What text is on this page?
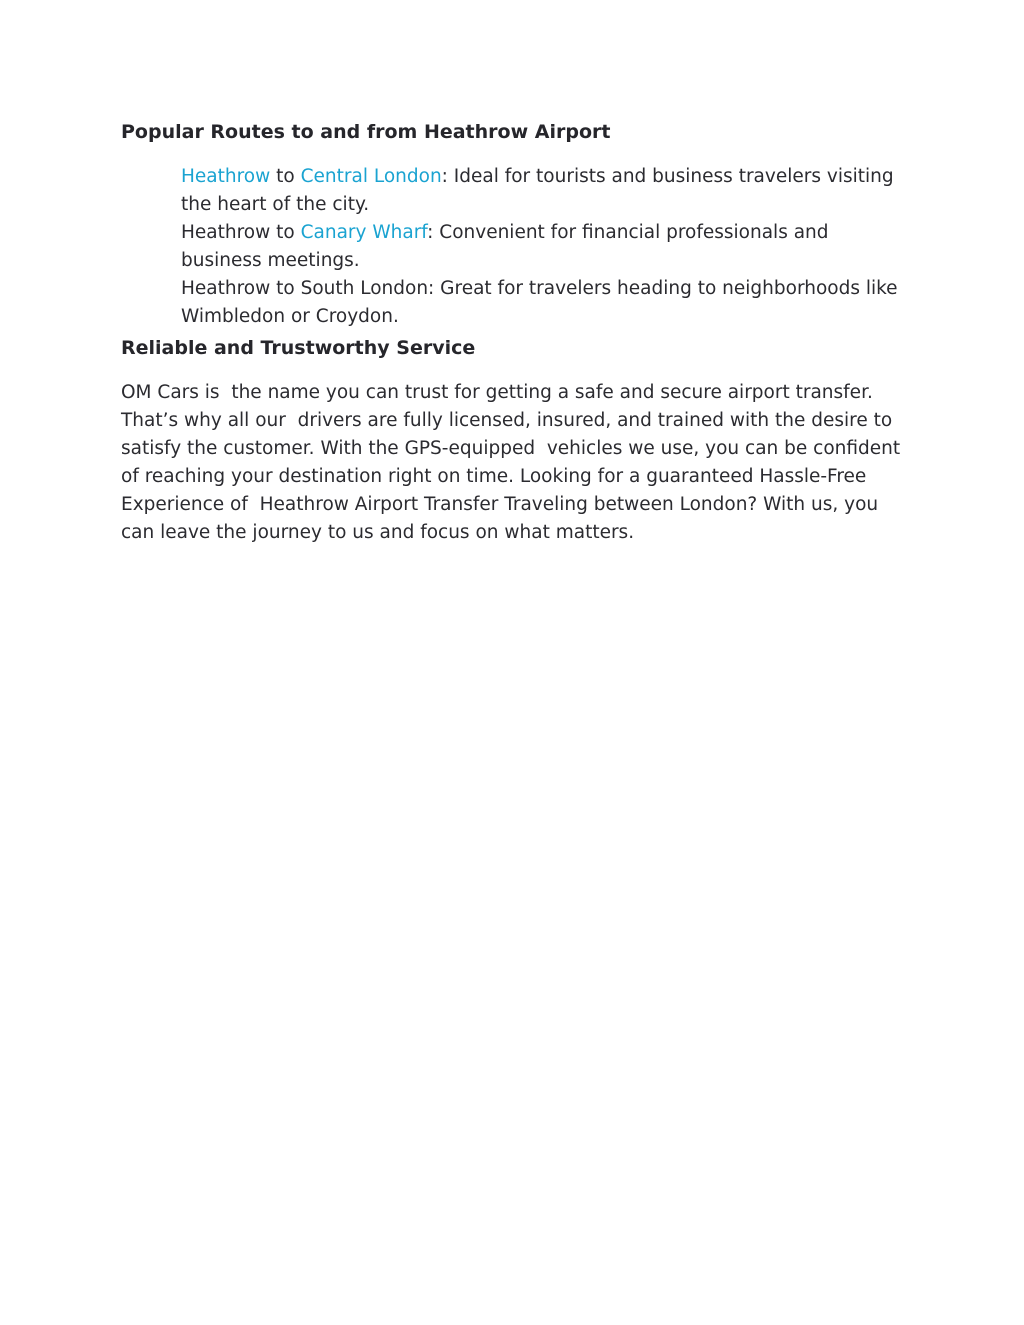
Popular Routes to and from Heathrow Airport
Heathrow to Central London: Ideal for tourists and business travelers visiting the heart of the city.
Heathrow to Canary Wharf: Convenient for financial professionals and business meetings.
Heathrow to South London: Great for travelers heading to neighborhoods like Wimbledon or Croydon.
Reliable and Trustworthy Service

OM Cars is  the name you can trust for getting a safe and secure airport transfer. That’s why all our  drivers are fully licensed, insured, and trained with the desire to satisfy the customer. With the GPS-equipped  vehicles we use, you can be confident of reaching your destination right on time. Looking for a guaranteed Hassle-Free Experience of  Heathrow Airport Transfer Traveling between London? With us, you  can leave the journey to us and focus on what matters.
